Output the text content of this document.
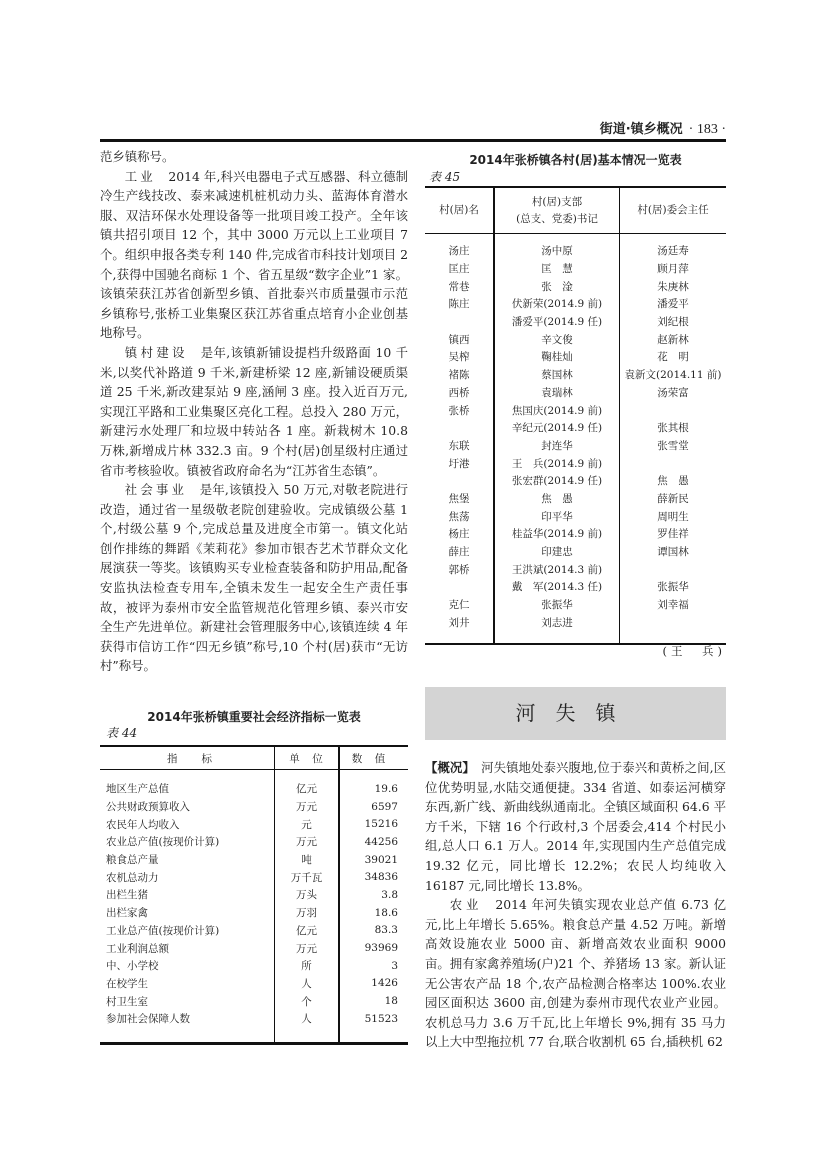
街道·镇乡概况 · 183 ·

范乡镇称号。

工业　 2014 年,科兴电器电子式互感器、科立德制冷生产线技改、泰来减速机桩机动力头、蓝海体育潜水服、双洁环保水处理设备等一批项目竣工投产。全年该镇共招引项目 12 个，其中 3000 万元以上工业项目 7 个。组织申报各类专利 140 件,完成省市科技计划项目 2 个,获得中国驰名商标 1 个、省五星级“数字企业”1 家。该镇荣获江苏省创新型乡镇、首批泰兴市质量强市示范乡镇称号,张桥工业集聚区获江苏省重点培育小企业创基地称号。

镇村建设　 是年,该镇新铺设提档升级路面 10 千米,以奖代补路道 9 千米,新建桥梁 12 座,新铺设硬质渠道 25 千米,新改建泵站 9 座,涵闸 3 座。投入近百万元,实现江平路和工业集聚区亮化工程。总投入 280 万元，新建污水处理厂和垃圾中转站各 1 座。新栽树木 10.8 万株,新增成片林 332.3 亩。9 个村(居)创星级村庄通过省市考核验收。镇被省政府命名为“江苏省生态镇”。

社会事业　 是年,该镇投入 50 万元,对敬老院进行改造，通过省一星级敬老院创建验收。完成镇级公墓 1 个,村级公墓 9 个,完成总量及进度全市第一。镇文化站创作排练的舞蹈《茉莉花》参加市银杏艺术节群众文化展演获一等奖。该镇购买专业检查装备和防护用品,配备安监执法检查专用车,全镇未发生一起安全生产责任事故，被评为泰州市安全监管规范化管理乡镇、泰兴市安全生产先进单位。新建社会管理服务中心,该镇连续 4 年获得市信访工作“四无乡镇”称号,10 个村(居)获市“无访村”称号。

2014年张桥镇重要社会经济指标一览表
表 44
指　　标	单　位	数　值
地区生产总值	亿元	19.6
公共财政预算收入	万元	6597
农民年人均收入	元	15216
农业总产值(按现价计算)	万元	44256
粮食总产量	吨	39021
农机总动力	万千瓦	34836
出栏生猪	万头	3.8
出栏家禽	万羽	18.6
工业总产值(按现价计算)	亿元	83.3
工业利润总额	万元	93969
中、小学校	所	3
在校学生	人	1426
村卫生室	个	18
参加社会保障人数	人	51523
2014年张桥镇各村(居)基本情况一览表
表 45
村(居)名	村(居)支部
(总支、党委)书记	村(居)委会主任
汤庄	汤中原	汤廷寿
匡庄	匡　慧	顾月萍
常巷	张　淦	朱庚林
陈庄	伏新荣(2014.9 前)	潘爱平
	潘爱平(2014.9 任)	刘纪根
镇西	辛文俊	赵新林
吴榨	鞠桂灿	花　明
褚陈	蔡国林	袁新文(2014.11 前)
西桥	袁瑞林	汤荣富
张桥	焦国庆(2014.9 前)	
	辛纪元(2014.9 任)	张其根
东联	封连华	张雪堂
圩港	王　兵(2014.9 前)	
	张宏群(2014.9 任)	焦　愚
焦堡	焦　愚	薛新民
焦荡	印平华	周明生
杨庄	桂益华(2014.9 前)	罗佳祥
薛庄	印建忠	谭国林
郭桥	王洪斌(2014.3 前)	
	戴　军(2014.3 任)	张振华
克仁	张振华	刘幸福
刘井	刘志进	
(王　兵)
河失镇

【概况】　 河失镇地处泰兴腹地,位于泰兴和黄桥之间,区位优势明显,水陆交通便捷。334 省道、如泰运河横穿东西,新广线、新曲线纵通南北。全镇区域面积 64.6 平方千米，下辖 16 个行政村,3 个居委会,414 个村民小组,总人口 6.1 万人。2014 年,实现国内生产总值完成 19.32 亿元，同比增长 12.2%；农民人均纯收入 16187 元,同比增长 13.8%。

农业　 2014 年河失镇实现农业总产值 6.73 亿元,比上年增长 5.65%。粮食总产量 4.52 万吨。新增高效设施农业 5000 亩、新增高效农业面积 9000 亩。拥有家禽养殖场(户)21 个、养猪场 13 家。新认证无公害农产品 18 个,农产品检测合格率达 100%.农业园区面积达 3600 亩,创建为泰州市现代农业产业园。农机总马力 3.6 万千瓦,比上年增长 9%,拥有 35 马力以上大中型拖拉机 77 台,联合收割机 65 台,插秧机 62
